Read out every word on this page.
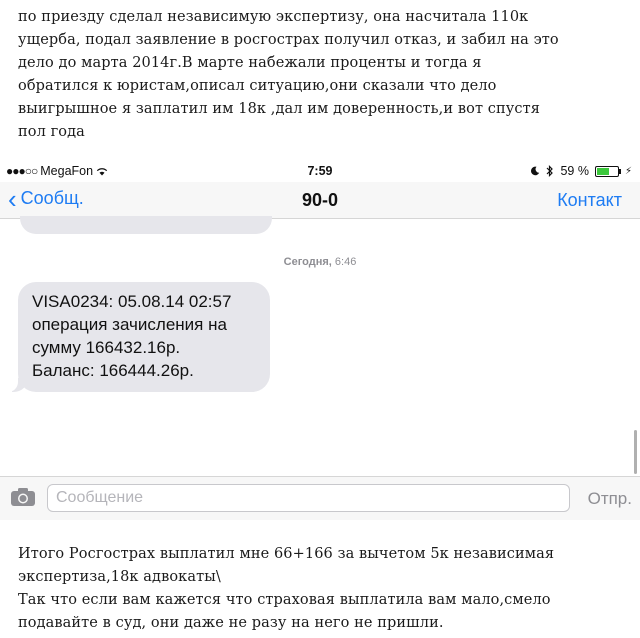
по приезду сделал независимую экспертизу, она насчитала 110к
ущерба, подал заявление в росгострах получил отказ, и забил на это
дело до марта 2014г.В марте набежали проценты и тогда я
обратился к юристам,описал ситуацию,они сказали что дело
выигрышное я заплатил им 18к ,дал им доверенность,и вот спустя
пол года
●●●○○ MegaFon	7:59	59 %	⚡
‹ Сообщ.	90-0	Контакт
Сегодня, 6:46
VISA0234: 05.08.14 02:57
операция зачисления на
сумму 166432.16р.
Баланс: 166444.26р.
Сообщение	Отпр.
Итого Росгострах выплатил мне 66+166 за вычетом 5к независимая
экспертиза,18к адвокаты\
Так что если вам кажется что страховая выплатила вам мало,смело
подавайте в суд, они даже не разу на него не пришли.
